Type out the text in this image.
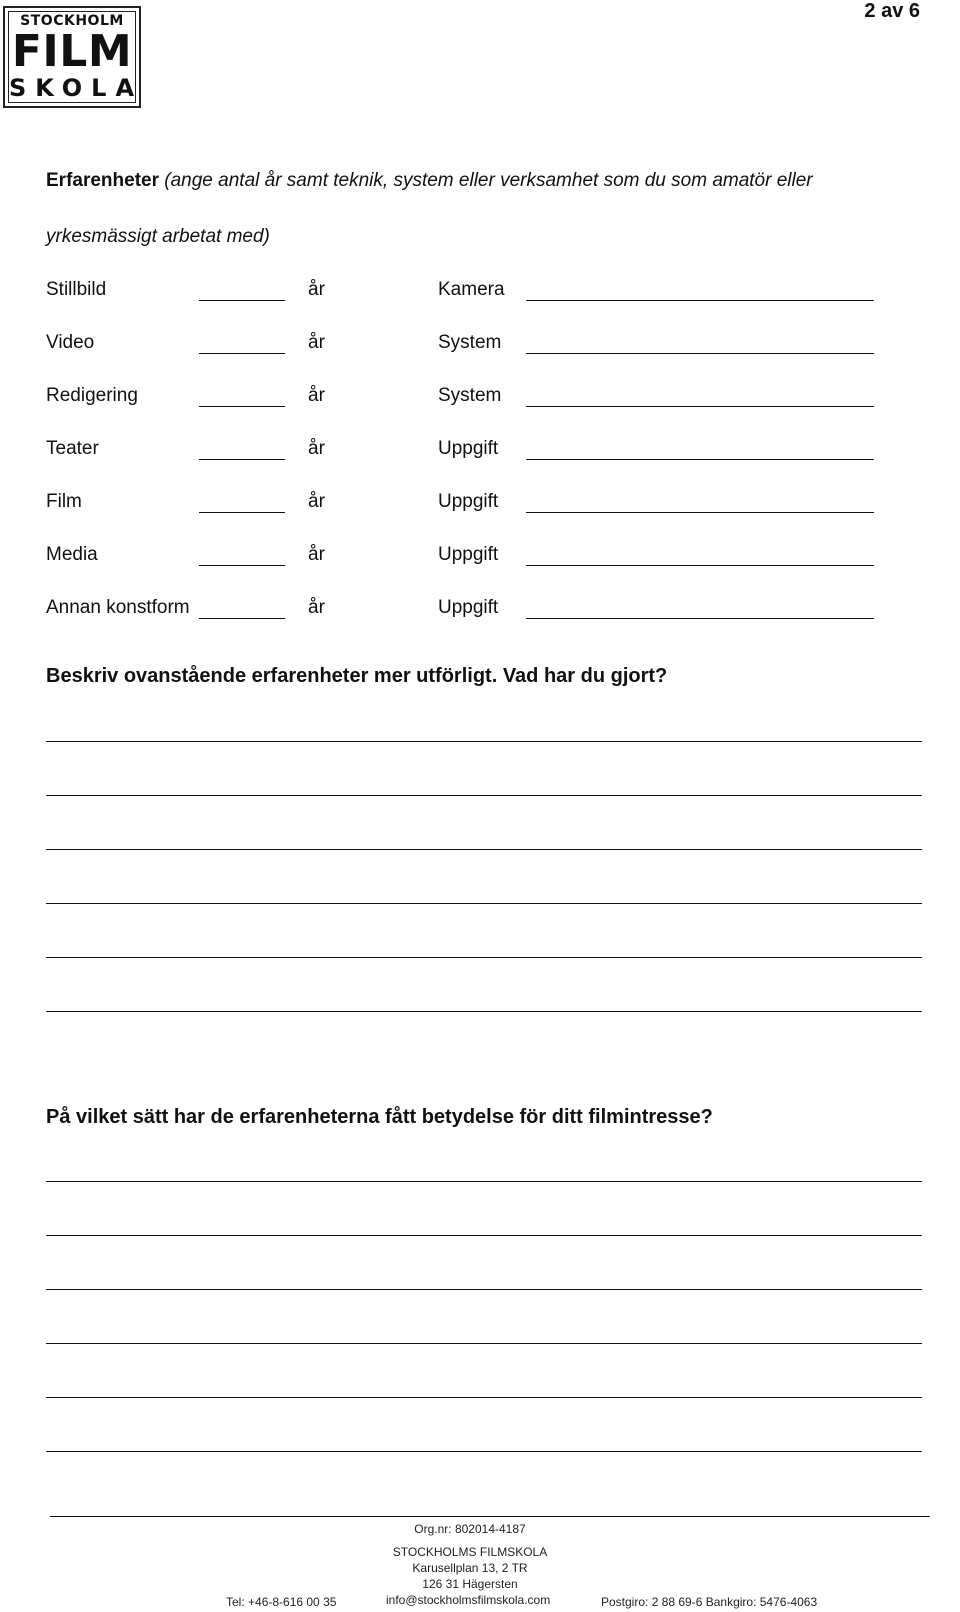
STOCKHOLM
FILM
SKOLA
2 av 6
Erfarenheter (ange antal år samt teknik, system eller verksamhet som du som amatör eller
yrkesmässigt arbetat med)
Stillbild	år	Kamera
Video	år	System
Redigering	år	System
Teater	år	Uppgift
Film	år	Uppgift
Media	år	Uppgift
Annan konstform	år	Uppgift
Beskriv ovanstående erfarenheter mer utförligt. Vad har du gjort?
På vilket sätt har de erfarenheterna fått betydelse för ditt filmintresse?
Org.nr: 802014-4187
STOCKHOLMS FILMSKOLA
Karusellplan 13, 2 TR
126 31 Hägersten
Tel: +46-8-616 00 35	info@stockholmsfilmskola.com	Postgiro: 2 88 69-6 Bankgiro: 5476-4063
